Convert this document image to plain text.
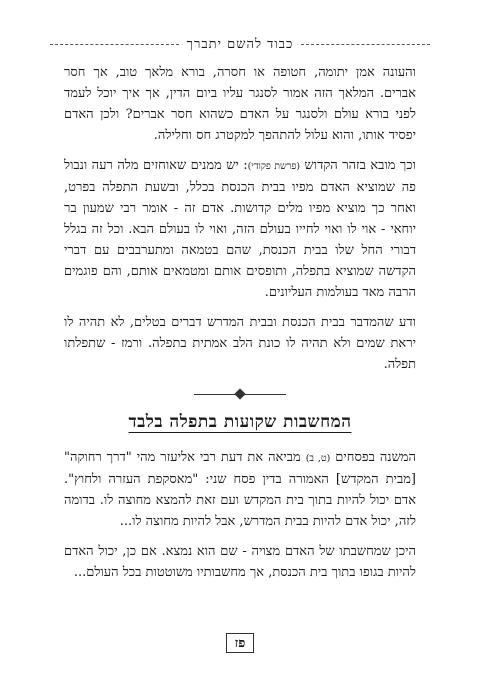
כבוד להשם יתברך

והעונה אמן יתומה, חטופה או חסרה, בורא מלאך טוב, אך חסר אברים. המלאך הזה אמור לסנגר עליו ביום הדין, אך איך יוכל לעמד לפני בורא עולם ולסנגר על האדם כשהוא חסר אברים? ולכן האדם יפסיד אותו, והוא עלול להתהפך למקטרג חס וחלילה.

וכך מובא בזהר הקדוש (פרשת פקודי): יש ממנים שאוחזים מלה רעה ונבול פה שמוציא האדם מפיו בבית הכנסת בכלל, ובשעת התפלה בפרט, ואחר כך מוציא מפיו מלים קדושות. אדם זה - אומר רבי שמעון בר יוחאי - אוי לו ואוי לחייו בעולם הזה, ואוי לו בעולם הבא. וכל זה בגלל דבורי החל שלו בבית הכנסת, שהם בטמאה ומתערבבים עם דברי הקדשה שמוציא בתפלה, ותופסים אותם ומטמאים אותם, והם פוגמים הרבה מאד בעולמות העליונים.

ודע שהמדבר בבית הכנסת ובבית המדרש דברים בטלים, לא תהיה לו יראת שמים ולא תהיה לו כונת הלב אמתית בתפלה. ורמז - שתפלתו תפלה.

המחשבות שקועות בתפלה בלבד

המשנה בפסחים (ט, ב) מביאה את דעת רבי אליעזר מהי "דרך רחוקה" [מבית המקדש] האמורה בדין פסח שני: "מאסקפת העזרה ולחוץ". אדם יכול להיות בתוך בית המקדש ועם זאת להמצא מחוצה לו. בדומה לזה, יכול אדם להיות בבית המדרש, אבל להיות מחוצה לו...

היכן שמחשבתו של האדם מצויה - שם הוא נמצא. אם כן, יכול האדם להיות בגופו בתוך בית הכנסת, אך מחשבותיו משוטטות בכל העולם...

פז
